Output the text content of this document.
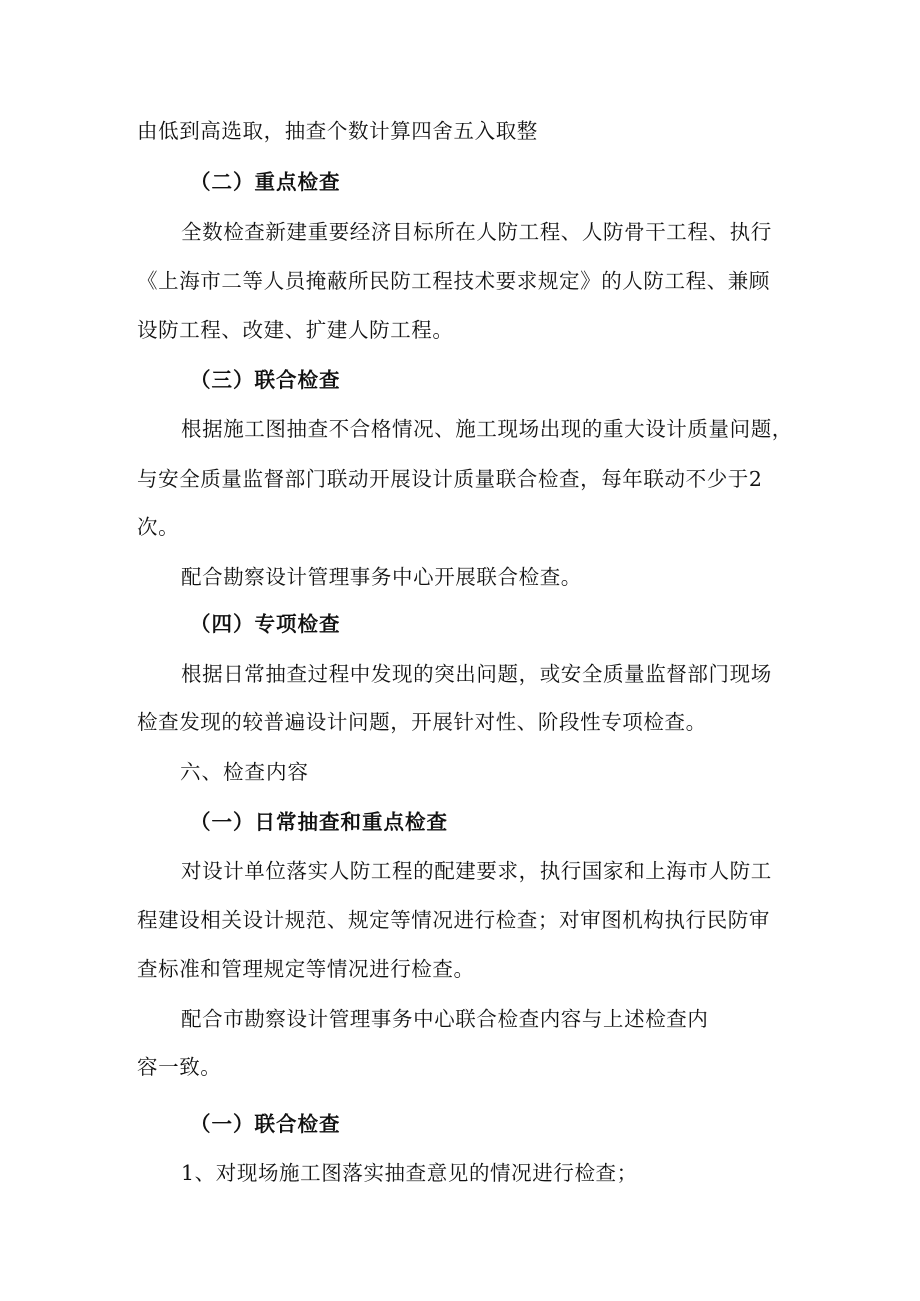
由低到高选取，抽查个数计算四舍五入取整
（二）重点检查
全数检查新建重要经济目标所在人防工程、人防骨干工程、执行
《上海市二等人员掩蔽所民防工程技术要求规定》的人防工程、兼顾
设防工程、改建、扩建人防工程。
（三）联合检查
根据施工图抽查不合格情况、施工现场出现的重大设计质量问题，
与安全质量监督部门联动开展设计质量联合检查，每年联动不少于2
次。
配合勘察设计管理事务中心开展联合检查。
（四）专项检查
根据日常抽查过程中发现的突出问题，或安全质量监督部门现场
检查发现的较普遍设计问题，开展针对性、阶段性专项检查。
六、检查内容
（一）日常抽查和重点检查
对设计单位落实人防工程的配建要求，执行国家和上海市人防工
程建设相关设计规范、规定等情况进行检查；对审图机构执行民防审
查标准和管理规定等情况进行检查。
配合市勘察设计管理事务中心联合检查内容与上述检查内
容一致。
（一）联合检查
1、对现场施工图落实抽查意见的情况进行检查；
